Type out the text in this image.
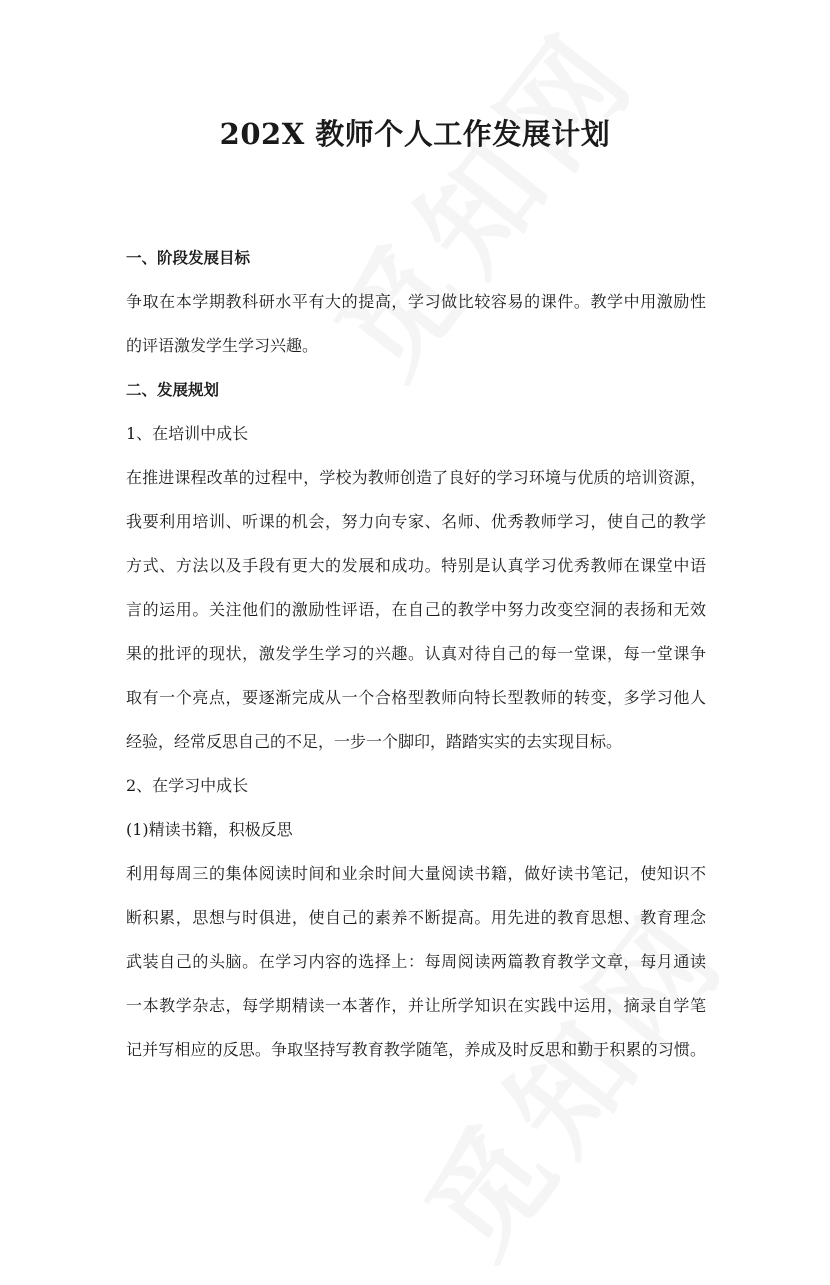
202X 教师个人工作发展计划

一、阶段发展目标

争取在本学期教科研水平有大的提高，学习做比较容易的课件。教学中用激励性

的评语激发学生学习兴趣。

二、发展规划

1、在培训中成长

在推进课程改革的过程中，学校为教师创造了良好的学习环境与优质的培训资源，

我要利用培训、听课的机会，努力向专家、名师、优秀教师学习，使自己的教学

方式、方法以及手段有更大的发展和成功。特别是认真学习优秀教师在课堂中语

言的运用。关注他们的激励性评语，在自己的教学中努力改变空洞的表扬和无效

果的批评的现状，激发学生学习的兴趣。认真对待自己的每一堂课，每一堂课争

取有一个亮点，要逐渐完成从一个合格型教师向特长型教师的转变，多学习他人

经验，经常反思自己的不足，一步一个脚印，踏踏实实的去实现目标。

2、在学习中成长

(1)精读书籍，积极反思

利用每周三的集体阅读时间和业余时间大量阅读书籍，做好读书笔记，使知识不

断积累，思想与时俱进，使自己的素养不断提高。用先进的教育思想、教育理念

武装自己的头脑。在学习内容的选择上：每周阅读两篇教育教学文章，每月通读

一本教学杂志，每学期精读一本著作，并让所学知识在实践中运用，摘录自学笔

记并写相应的反思。争取坚持写教育教学随笔，养成及时反思和勤于积累的习惯。
